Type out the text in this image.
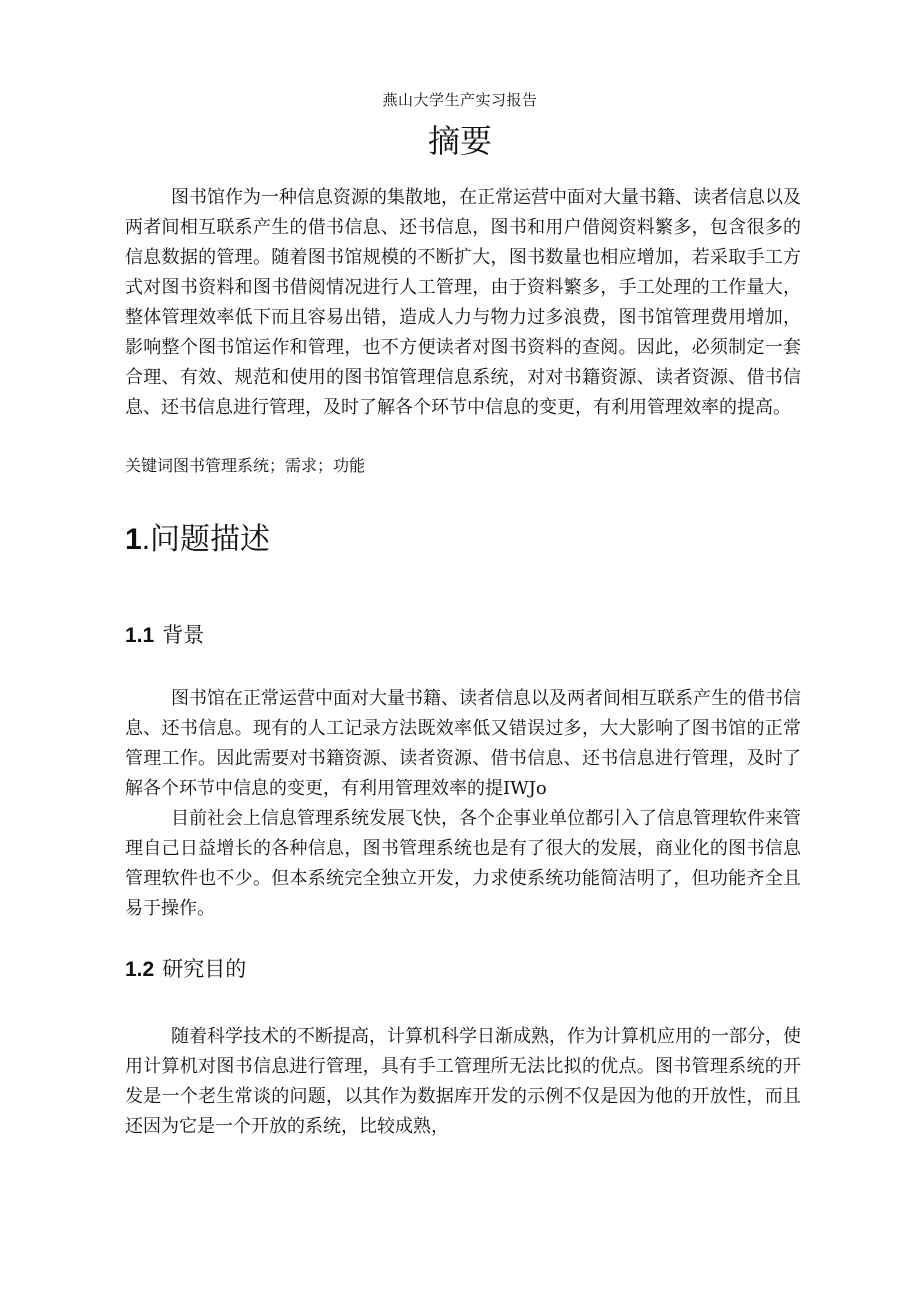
燕山大学生产实习报告
摘要

图书馆作为一种信息资源的集散地，在正常运营中面对大量书籍、读者信息以及两者间相互联系产生的借书信息、还书信息，图书和用户借阅资料繁多，包含很多的信息数据的管理。随着图书馆规模的不断扩大，图书数量也相应增加，若采取手工方式对图书资料和图书借阅情况进行人工管理，由于资料繁多，手工处理的工作量大，整体管理效率低下而且容易出错，造成人力与物力过多浪费，图书馆管理费用增加，影响整个图书馆运作和管理，也不方便读者对图书资料的查阅。因此，必须制定一套合理、有效、规范和使用的图书馆管理信息系统，对对书籍资源、读者资源、借书信息、还书信息进行管理，及时了解各个环节中信息的变更，有利用管理效率的提高。

关键词图书管理系统；需求；功能
1.问题描述
1.1 背景

图书馆在正常运营中面对大量书籍、读者信息以及两者间相互联系产生的借书信息、还书信息。现有的人工记录方法既效率低又错误过多，大大影响了图书馆的正常管理工作。因此需要对书籍资源、读者资源、借书信息、还书信息进行管理，及时了解各个环节中信息的变更，有利用管理效率的提IWJo

目前社会上信息管理系统发展飞快，各个企事业单位都引入了信息管理软件来管理自己日益增长的各种信息，图书管理系统也是有了很大的发展，商业化的图书信息管理软件也不少。但本系统完全独立开发，力求使系统功能简洁明了，但功能齐全且易于操作。

1.2 研究目的

随着科学技术的不断提高，计算机科学日渐成熟，作为计算机应用的一部分，使用计算机对图书信息进行管理，具有手工管理所无法比拟的优点。图书管理系统的开发是一个老生常谈的问题，以其作为数据库开发的示例不仅是因为他的开放性，而且还因为它是一个开放的系统，比较成熟，
